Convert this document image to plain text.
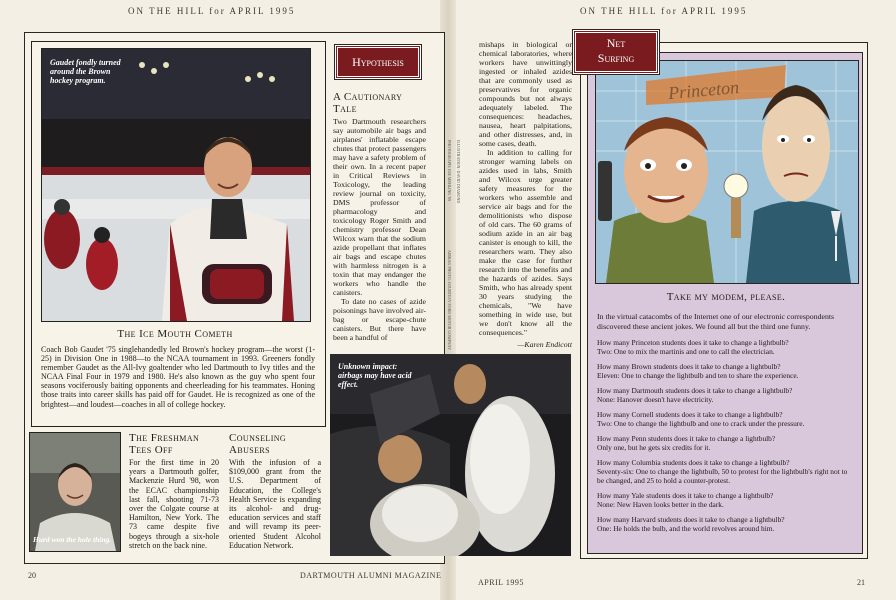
ON THE HILL for APRIL 1995	ON THE HILL for APRIL 1995
Gaudet fondly turned around the Brown hockey program.
The Ice Mouth Cometh
Coach Bob Gaudet '75 singlehandedly led Brown's hockey program—the worst (1-25) in Division One in 1988—to the NCAA tournament in 1993. Greeners fondly remember Gaudet as the All-Ivy goaltender who led Dartmouth to Ivy titles and the NCAA Final Four in 1979 and 1980. He's also known as the guy who spent four seasons vociferously baiting opponents and cheerleading for his teammates. Honing those traits into career skills has paid off for Gaudet. He is recognized as one of the brightest—and loudest—coaches in all of college hockey.
Hurd won the hole thing.
The Freshman Tees Off
For the first time in 20 years a Dartmouth golfer, Mackenzie Hurd '98, won the ECAC championship last fall, shooting 71-73 over the Colgate course at Hamilton, New York. The 73 came despite five bogeys through a six-hole stretch on the back nine.
Counseling Abusers
With the infusion of a $109,000 grant from the U.S. Department of Education, the College's Health Service is expanding its alcohol- and drug-education services and staff and will revamp its peer-oriented Student Alcohol Education Network.
Hypothesis
A Cautionary Tale

Two Dartmouth researchers say automobile air bags and airplanes' inflatable escape chutes that protect passengers may have a safety problem of their own. In a recent paper in Critical Reviews in Toxicology, the leading review journal on toxicity, DMS professor of pharmacology and toxicology Roger Smith and chemistry professor Dean Wilcox warn that the sodium azide propellant that inflates air bags and escape chutes with harmless nitrogen is a toxin that may endanger the workers who handle the canisters.

To date no cases of azide poisonings have involved air-bag or escape-chute canisters. But there have been a handful of

PHOTOGRAPH: JOE MEHLING '69 ILLUSTRATION: DAVID DIAMOND
AIRBAG PHOTO: COURTESY FORD MOTOR COMPANY
Unknown impact: airbags may have acid effect.

mishaps in biological or chemical laboratories, where workers have unwittingly ingested or inhaled azides that are commonly used as preservatives for organic compounds but not always adequately labeled. The consequences: headaches, nausea, heart palpitations, and other distresses, and, in some cases, death.

In addition to calling for stronger warning labels on azides used in labs, Smith and Wilcox urge greater safety measures for the workers who assemble and service air bags and for the demolitionists who dispose of old cars. The 60 grams of sodium azide in an air bag canister is enough to kill, the researchers warn. They also make the case for further research into the benefits and the hazards of azides. Says Smith, who has already spent 30 years studying the chemicals, "We have something in wide use, but we don't know all the consequences."

—Karen Endicott

Princeton
Net
Surfing
Take my modem, please.
In the virtual catacombs of the Internet one of our electronic correspondents discovered these ancient jokes. We found all but the third one funny.

How many Princeton students does it take to change a lightbulb?
Two: One to mix the martinis and one to call the electrician.

How many Brown students does it take to change a lightbulb?
Eleven: One to change the lightbulb and ten to share the experience.

How many Dartmouth students does it take to change a lightbulb?
None: Hanover doesn't have electricity.

How many Cornell students does it take to change a lightbulb?
Two: One to change the lightbulb and one to crack under the pressure.

How many Penn students does it take to change a lightbulb?
Only one, but he gets six credits for it.

How many Columbia students does it take to change a lightbulb?
Seventy-six: One to change the lightbulb, 50 to protest for the lightbulb's right not to be changed, and 25 to hold a counter-protest.

How many Yale students does it take to change a lightbulb?
None: New Haven looks better in the dark.

How many Harvard students does it take to change a lightbulb?
One: He holds the bulb, and the world revolves around him.

20	DARTMOUTH ALUMNI MAGAZINE
APRIL 1995	21
